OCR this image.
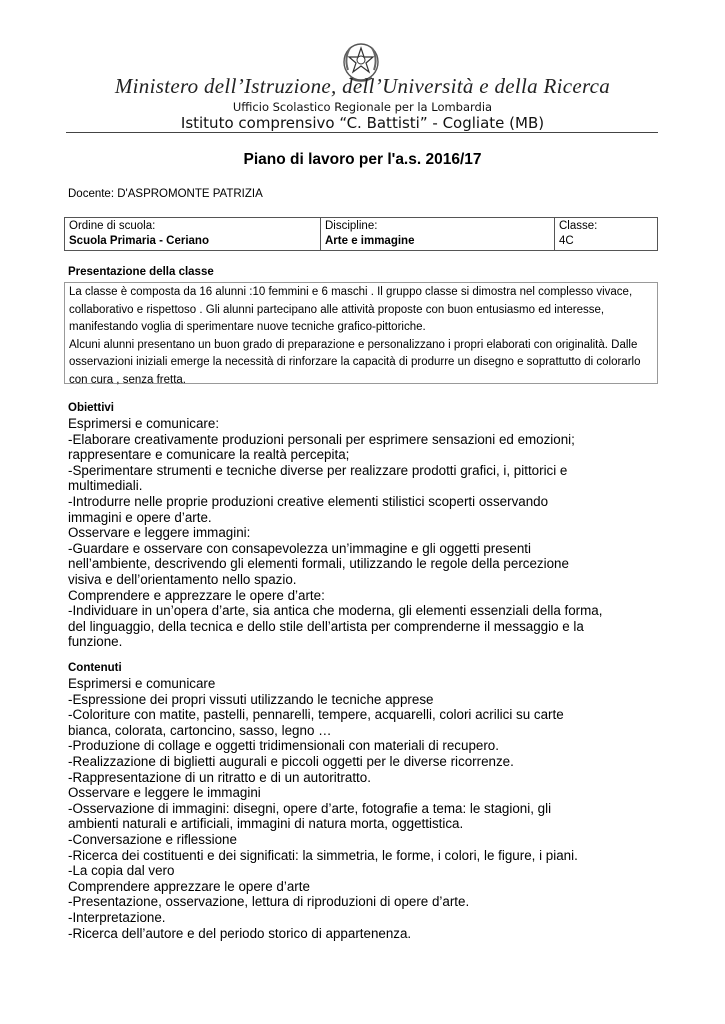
Ministero dell’Istruzione, dell’Università e della Ricerca
Ufficio Scolastico Regionale per la Lombardia
Istituto comprensivo “C. Battisti” - Cogliate (MB)
Piano di lavoro per l'a.s. 2016/17
Docente: D'ASPROMONTE PATRIZIA
Ordine di scuola:
Scuola Primaria - Ceriano

Discipline:
Arte e immagine

Classe:
4C
Presentazione della classe

La classe è composta da 16 alunni :10 femmini e 6 maschi . Il gruppo classe si dimostra nel complesso vivace, collaborativo e rispettoso . Gli alunni partecipano alle attività proposte con buon entusiasmo ed interesse, manifestando voglia di sperimentare nuove tecniche grafico-pittoriche.

Alcuni alunni presentano un buon grado di preparazione e personalizzano i propri elaborati con originalità. Dalle osservazioni iniziali emerge la necessità di rinforzare la capacità di produrre un disegno e soprattutto di colorarlo con cura , senza fretta.

Obiettivi

Esprimersi e comunicare:

-Elaborare creativamente produzioni personali per esprimere sensazioni ed emozioni;

rappresentare e comunicare la realtà percepita;

-Sperimentare strumenti e tecniche diverse per realizzare prodotti grafici, i, pittorici e

multimediali.

-Introdurre nelle proprie produzioni creative elementi stilistici scoperti osservando

immagini e opere d’arte.

Osservare e leggere immagini:

-Guardare e osservare con consapevolezza un’immagine e gli oggetti presenti

nell’ambiente, descrivendo gli elementi formali, utilizzando le regole della percezione

visiva e dell’orientamento nello spazio.

Comprendere e apprezzare le opere d’arte:

-Individuare in un’opera d’arte, sia antica che moderna, gli elementi essenziali della forma,

del linguaggio, della tecnica e dello stile dell’artista per comprenderne il messaggio e la

funzione.

Contenuti

Esprimersi e comunicare

-Espressione dei propri vissuti utilizzando le tecniche apprese

-Coloriture con matite, pastelli, pennarelli, tempere, acquarelli, colori acrilici su carte

bianca, colorata, cartoncino, sasso, legno …

-Produzione di collage e oggetti tridimensionali con materiali di recupero.

-Realizzazione di biglietti augurali e piccoli oggetti per le diverse ricorrenze.

-Rappresentazione di un ritratto e di un autoritratto.

Osservare e leggere le immagini

-Osservazione di immagini: disegni, opere d’arte, fotografie a tema: le stagioni, gli

ambienti naturali e artificiali, immagini di natura morta, oggettistica.

-Conversazione e riflessione

-Ricerca dei costituenti e dei significati: la simmetria, le forme, i colori, le figure, i piani.

-La copia dal vero

Comprendere apprezzare le opere d’arte

-Presentazione, osservazione, lettura di riproduzioni di opere d’arte.

-Interpretazione.

-Ricerca dell’autore e del periodo storico di appartenenza.
